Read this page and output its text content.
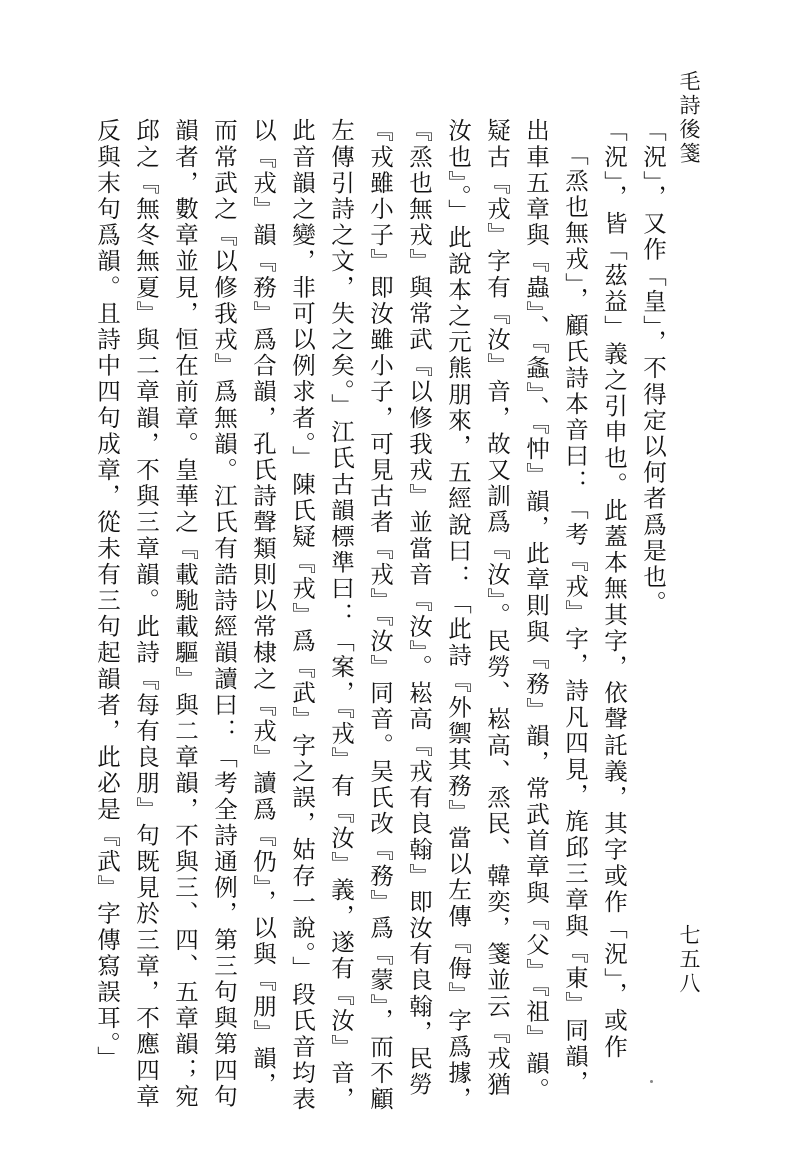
毛詩後箋
七五八
「況」，又作「皇」，不得定以何者爲是也。
「況」，皆「茲益」義之引申也。此蓋本無其字，依聲託義，其字或作「況」，或作
「烝也無戎」，顧氏詩本音曰：「考『戎』字，詩凡四見，旄邱三章與『東』同韻，
出車五章與『蟲』、『螽』、『忡』韻，此章則與『務』韻，常武首章與『父』『祖』韻。
疑古『戎』字有『汝』音，故又訓爲『汝』。民勞、崧高、烝民、韓奕，箋並云『戎猶
汝也』。」此說本之元熊朋來，五經說曰：「此詩『外禦其務』當以左傳『侮』字爲據，
『烝也無戎』與常武『以修我戎』並當音『汝』。崧高『戎有良翰』即汝有良翰，民勞
『戎雖小子』即汝雖小子，可見古者『戎』『汝』同音。吴氏改『務』爲『蒙』，而不顧
左傳引詩之文，失之矣。」江氏古韻標準曰：「案，『戎』有『汝』義，遂有『汝』音，
此音韻之變，非可以例求者。」陳氏疑『戎』爲『武』字之誤，姑存一說。」段氏音均表
以『戎』韻『務』爲合韻，孔氏詩聲類則以常棣之『戎』讀爲『仍』，以與『朋』韻，
而常武之『以修我戎』爲無韻。江氏有誥詩經韻讀曰：「考全詩通例，第三句與第四句
韻者，數章並見，恒在前章。皇華之『載馳載驅』與二章韻，不與三、四、五章韻；宛
邱之『無冬無夏』與二章韻，不與三章韻。此詩『每有良朋』句既見於三章，不應四章
反與末句爲韻。且詩中四句成章，從未有三句起韻者，此必是『武』字傳寫誤耳。」
